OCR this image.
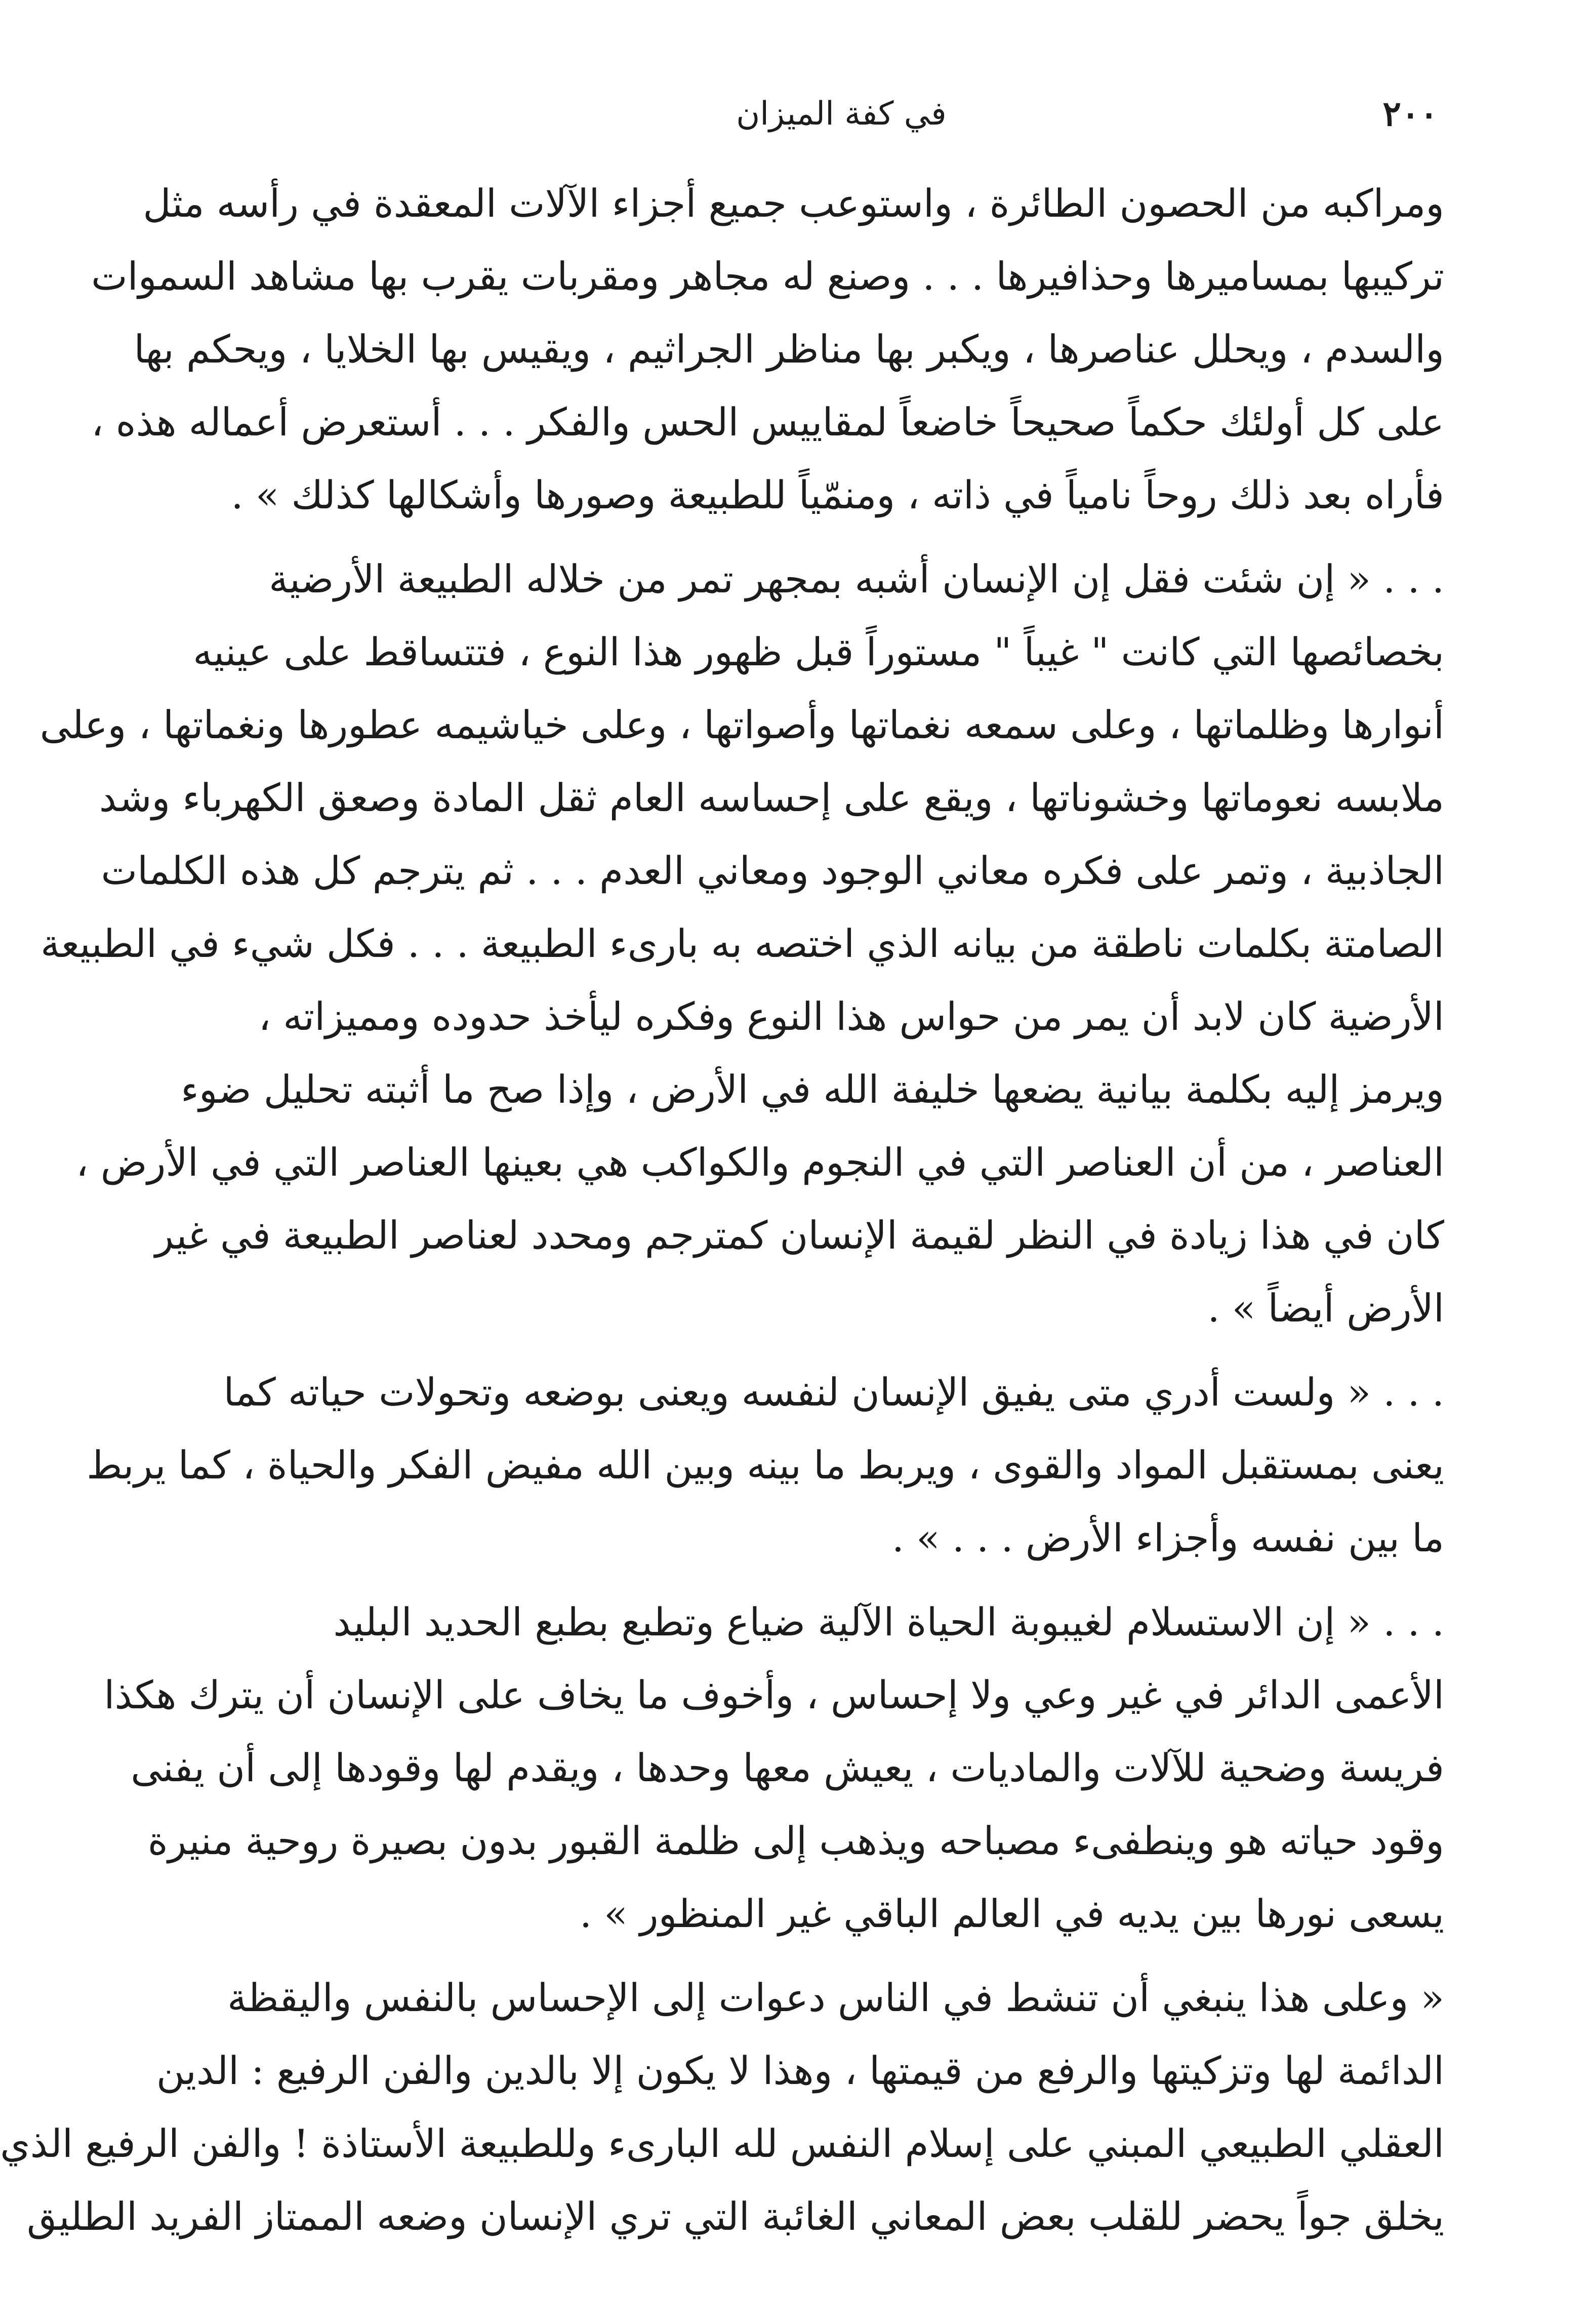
٢٠٠
في كفة الميزان

ومراكبه من الحصون الطائرة ، واستوعب جميع أجزاء الآلات المعقدة في رأسه مثل
تركيبها بمساميرها وحذافيرها . . . وصنع له مجاهر ومقربات يقرب بها مشاهد السموات
والسدم ، ويحلل عناصرها ، ويكبر بها مناظر الجراثيم ، ويقيس بها الخلايا ، ويحكم بها
على كل أولئك حكماً صحيحاً خاضعاً لمقاييس الحس والفكر . . . أستعرض أعماله هذه ،
فأراه بعد ذلك روحاً نامياً في ذاته ، ومنمّياً للطبيعة وصورها وأشكالها كذلك » .

. . . « إن شئت فقل إن الإنسان أشبه بمجهر تمر من خلاله الطبيعة الأرضية
بخصائصها التي كانت " غيباً " مستوراً قبل ظهور هذا النوع ، فتتساقط على عينيه
أنوارها وظلماتها ، وعلى سمعه نغماتها وأصواتها ، وعلى خياشيمه عطورها ونغماتها ، وعلى
ملابسه نعوماتها وخشوناتها ، ويقع على إحساسه العام ثقل المادة وصعق الكهرباء وشد
الجاذبية ، وتمر على فكره معاني الوجود ومعاني العدم . . . ثم يترجم كل هذه الكلمات
الصامتة بكلمات ناطقة من بيانه الذي اختصه به بارىء الطبيعة . . . فكل شيء في الطبيعة
الأرضية كان لابد أن يمر من حواس هذا النوع وفكره ليأخذ حدوده ومميزاته ،
ويرمز إليه بكلمة بيانية يضعها خليفة الله في الأرض ، وإذا صح ما أثبته تحليل ضوء
العناصر ، من أن العناصر التي في النجوم والكواكب هي بعينها العناصر التي في الأرض ،
كان في هذا زيادة في النظر لقيمة الإنسان كمترجم ومحدد لعناصر الطبيعة في غير
الأرض أيضاً » .

. . . « ولست أدري متى يفيق الإنسان لنفسه ويعنى بوضعه وتحولات حياته كما
يعنى بمستقبل المواد والقوى ، ويربط ما بينه وبين الله مفيض الفكر والحياة ، كما يربط
ما بين نفسه وأجزاء الأرض . . . » .

. . . « إن الاستسلام لغيبوبة الحياة الآلية ضياع وتطبع بطبع الحديد البليد
الأعمى الدائر في غير وعي ولا إحساس ، وأخوف ما يخاف على الإنسان أن يترك هكذا
فريسة وضحية للآلات والماديات ، يعيش معها وحدها ، ويقدم لها وقودها إلى أن يفنى
وقود حياته هو وينطفىء مصباحه ويذهب إلى ظلمة القبور بدون بصيرة روحية منيرة
يسعى نورها بين يديه في العالم الباقي غير المنظور » .

« وعلى هذا ينبغي أن تنشط في الناس دعوات إلى الإحساس بالنفس واليقظة
الدائمة لها وتزكيتها والرفع من قيمتها ، وهذا لا يكون إلا بالدين والفن الرفيع : الدين
العقلي الطبيعي المبني على إسلام النفس لله البارىء وللطبيعة الأستاذة ! والفن الرفيع الذي
يخلق جواً يحضر للقلب بعض المعاني الغائبة التي تري الإنسان وضعه الممتاز الفريد الطليق
